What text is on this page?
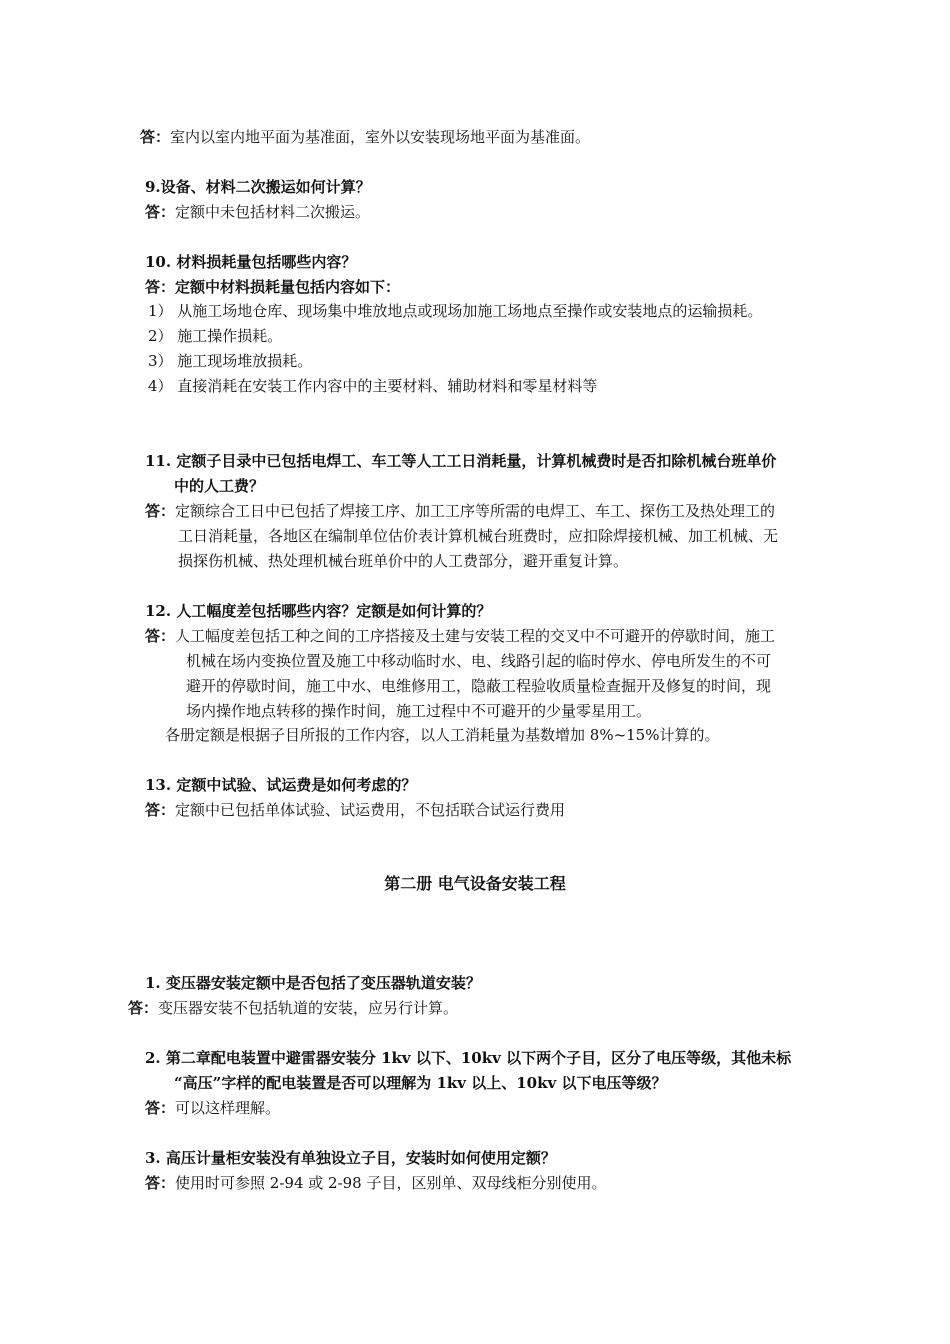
答：室内以室内地平面为基准面，室外以安装现场地平面为基准面。
9.设备、材料二次搬运如何计算？
答：定额中未包括材料二次搬运。
10. 材料损耗量包括哪些内容？
答：定额中材料损耗量包括内容如下：
1） 从施工场地仓库、现场集中堆放地点或现场加施工场地点至操作或安装地点的运输损耗。
2） 施工操作损耗。
3） 施工现场堆放损耗。
4） 直接消耗在安装工作内容中的主要材料、辅助材料和零星材料等
11. 定额子目录中已包括电焊工、车工等人工工日消耗量，计算机械费时是否扣除机械台班单价
中的人工费？
答：定额综合工日中已包括了焊接工序、加工工序等所需的电焊工、车工、探伤工及热处理工的
工日消耗量，各地区在编制单位估价表计算机械台班费时，应扣除焊接机械、加工机械、无
损探伤机械、热处理机械台班单价中的人工费部分，避开重复计算。
12. 人工幅度差包括哪些内容？定额是如何计算的？
答：人工幅度差包括工种之间的工序搭接及土建与安装工程的交叉中不可避开的停歇时间，施工
机械在场内变换位置及施工中移动临时水、电、线路引起的临时停水、停电所发生的不可
避开的停歇时间，施工中水、电维修用工，隐蔽工程验收质量检查掘开及修复的时间，现
场内操作地点转移的操作时间，施工过程中不可避开的少量零星用工。
各册定额是根据子目所报的工作内容，以人工消耗量为基数增加 8%~15%计算的。
13. 定额中试验、试运费是如何考虑的？
答：定额中已包括单体试验、试运费用，不包括联合试运行费用
第二册 电气设备安装工程
1. 变压器安装定额中是否包括了变压器轨道安装？
答：变压器安装不包括轨道的安装，应另行计算。
2. 第二章配电装置中避雷器安装分 1kv 以下、10kv 以下两个子目，区分了电压等级，其他未标
“高压”字样的配电装置是否可以理解为 1kv 以上、10kv 以下电压等级？
答：可以这样理解。
3. 高压计量柜安装没有单独设立子目，安装时如何使用定额？
答：使用时可参照 2-94 或 2-98 子目，区别单、双母线柜分别使用。
